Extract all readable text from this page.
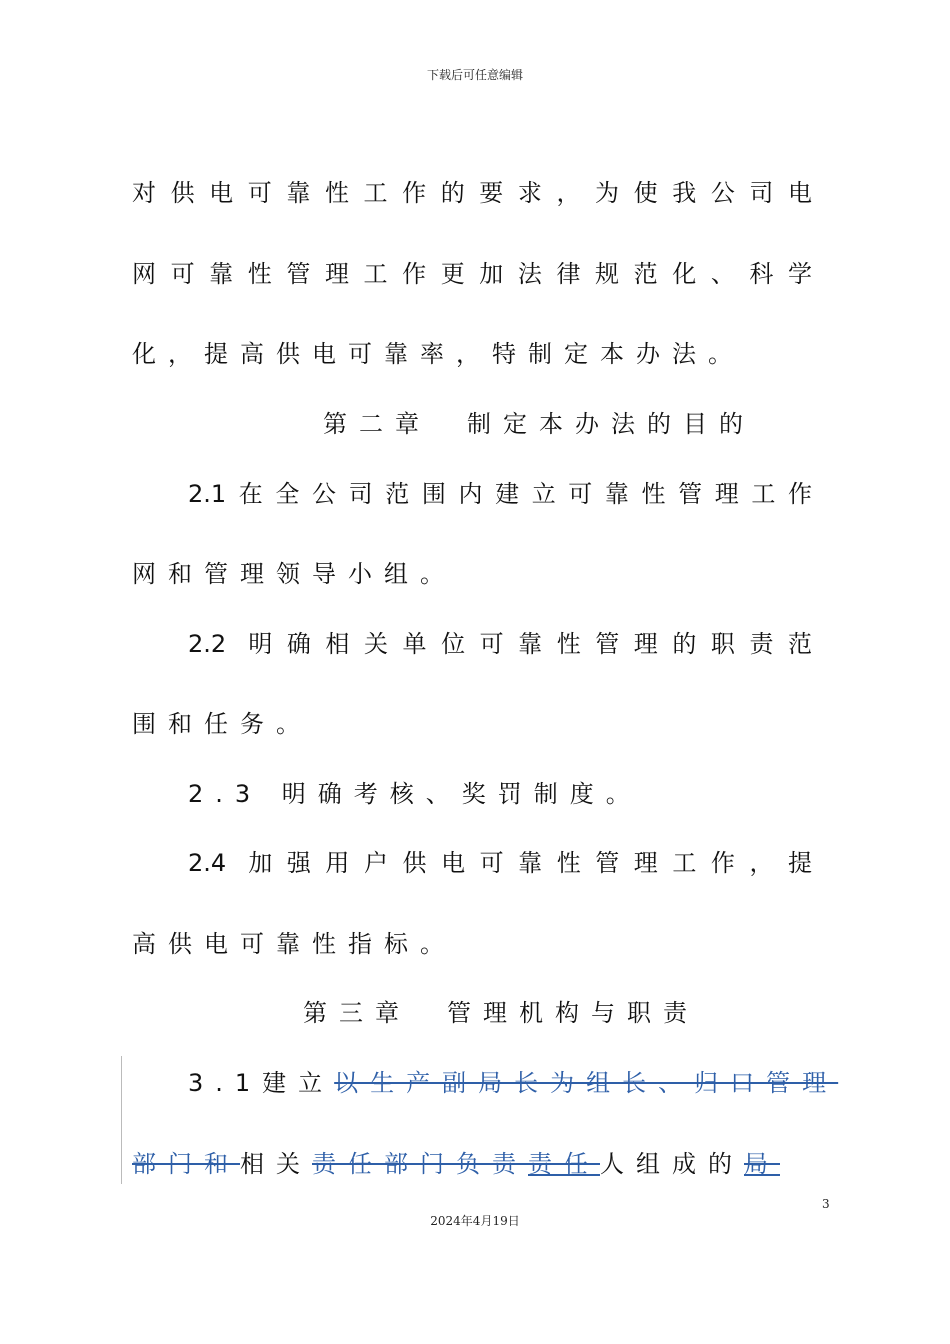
下载后可任意编辑
对供电可靠性工作的要求，为使我公司电
网可靠性管理工作更加法律规范化、科学
化，提高供电可靠率，特制定本办法。
第二章　制定本办法的目的
2.1在全公司范围内建立可靠性管理工作
网和管理领导小组。
2.2 明确相关单位可靠性管理的职责范
围和任务。
2.3 明确考核、奖罚制度。
2.4 加强用户供电可靠性管理工作，提
高供电可靠性指标。
第三章　管理机构与职责
3.1建立以生产副局长为组长、归口管理
部门和相关责任部门负责责任人组成的局
3
2024年4月19日
